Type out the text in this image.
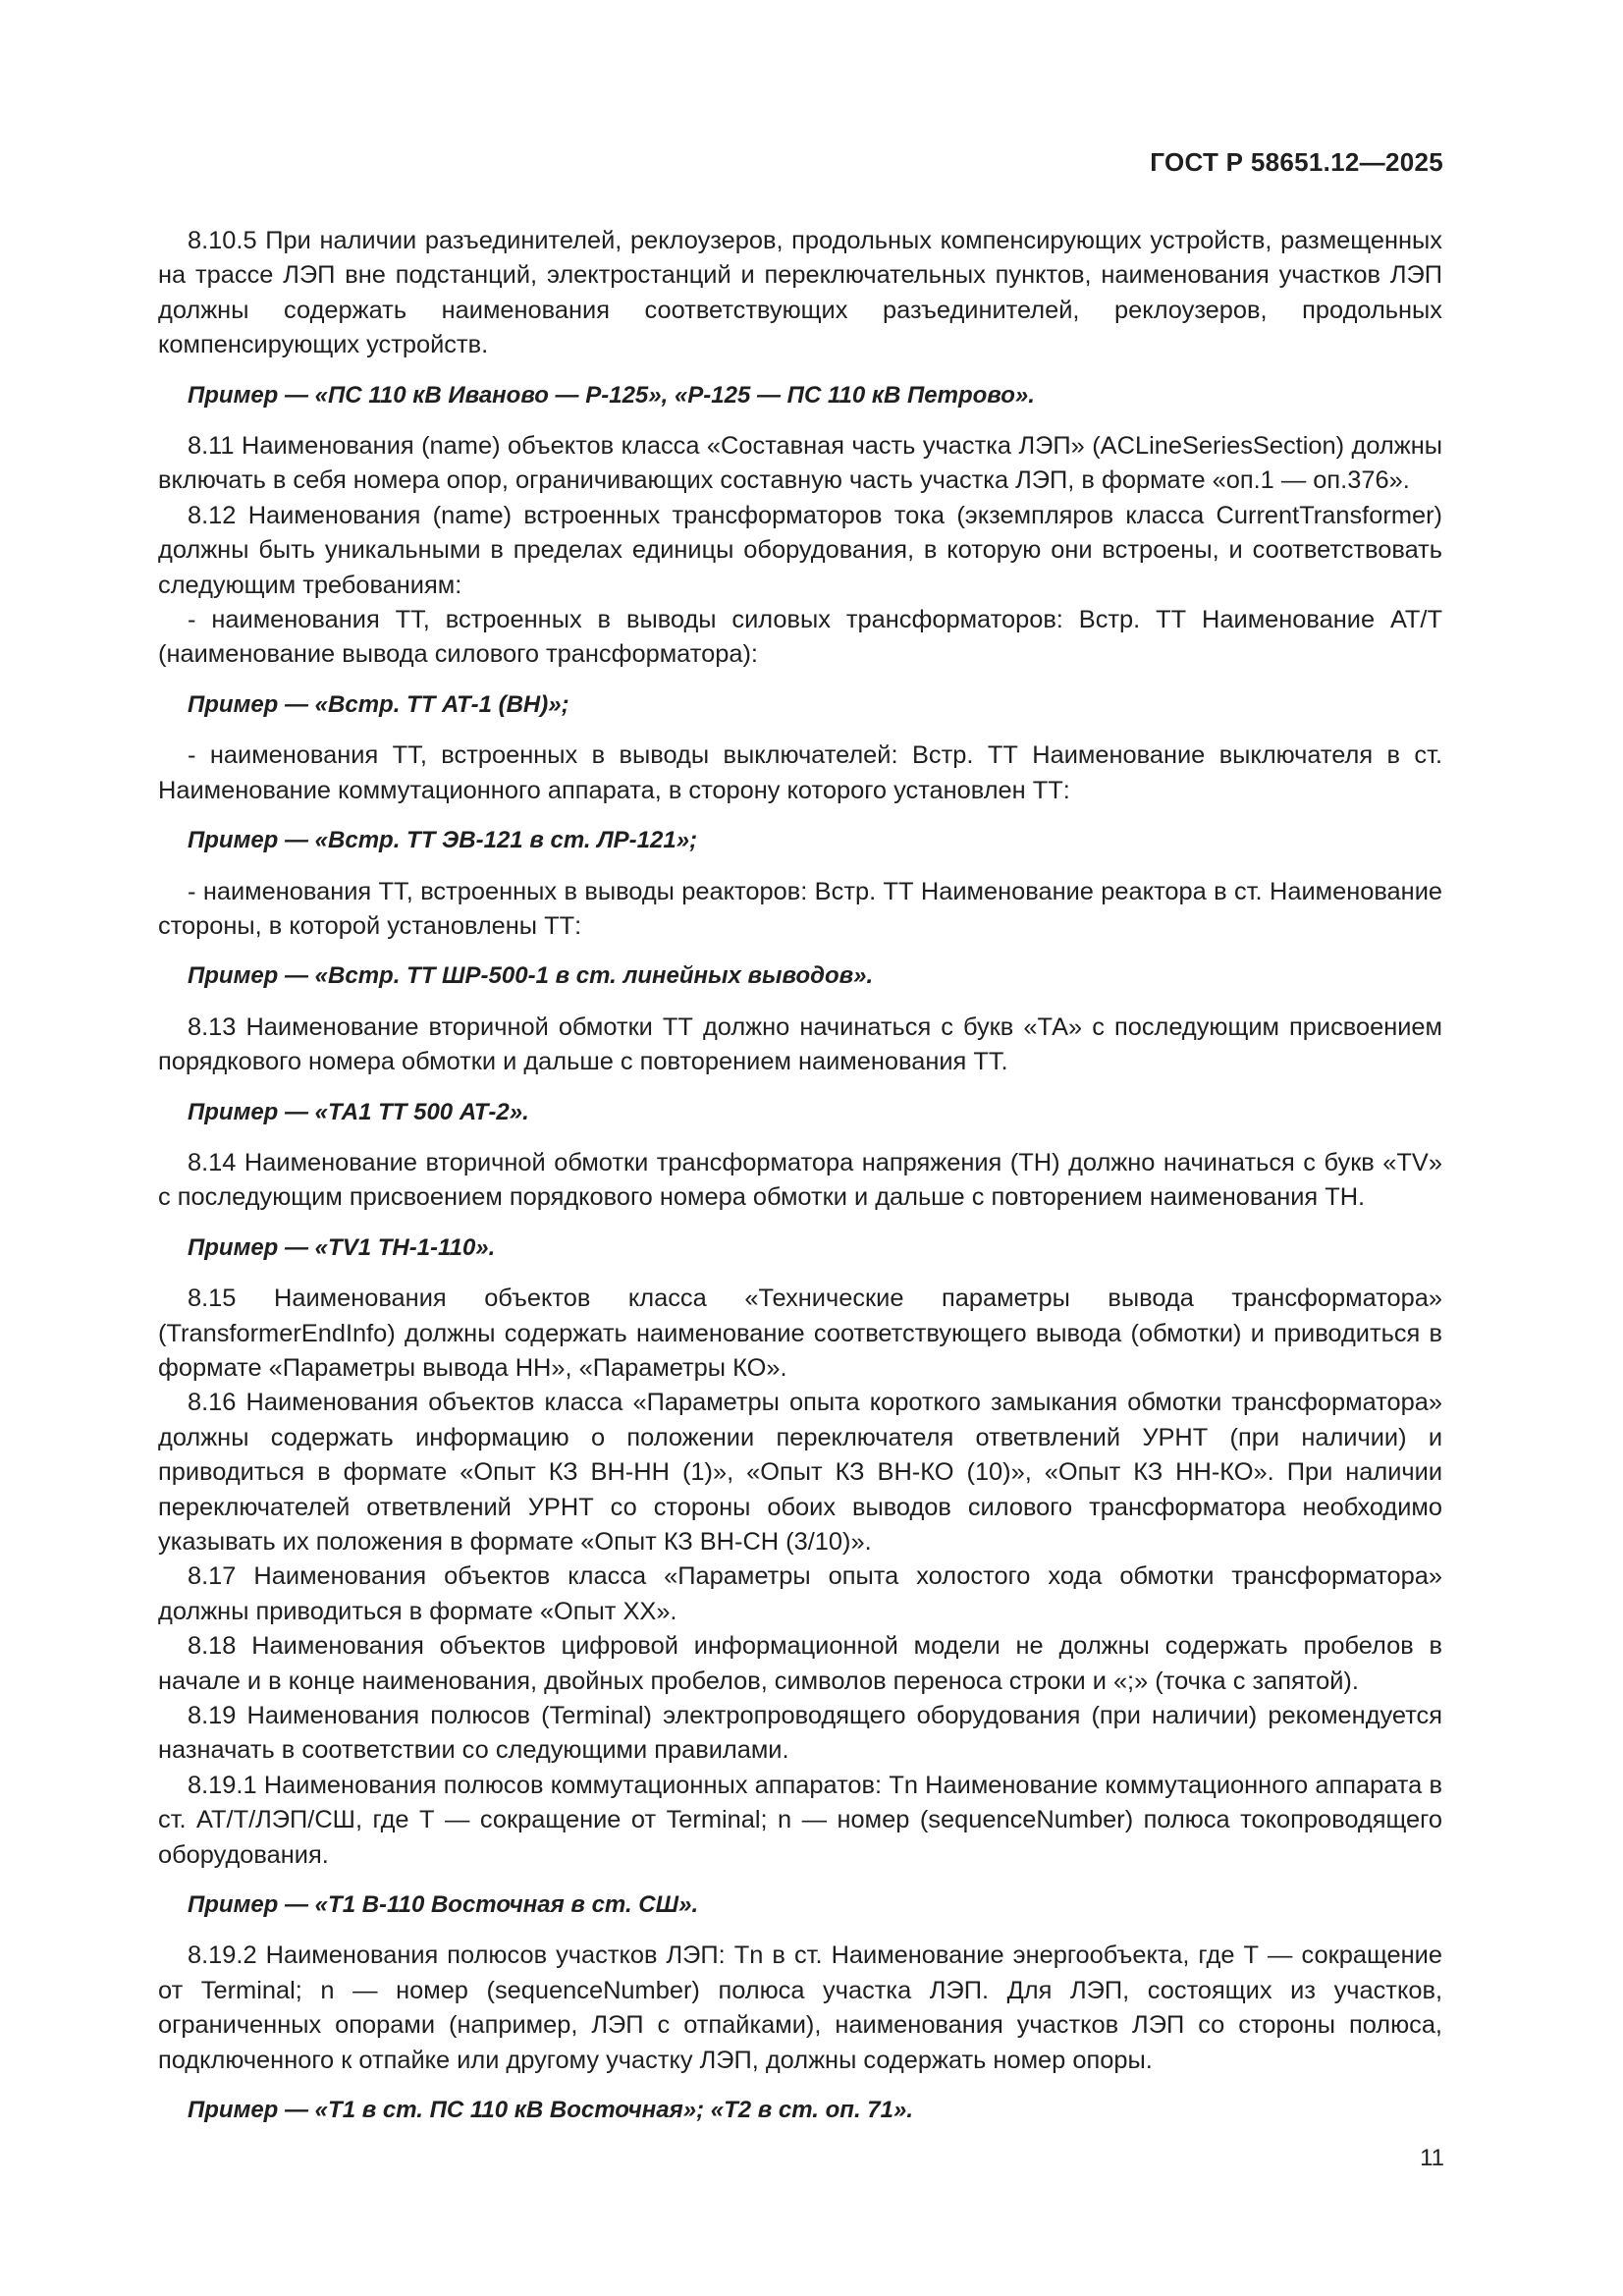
ГОСТ Р 58651.12—2025

8.10.5 При наличии разъединителей, реклоузеров, продольных компенсирующих устройств, размещенных на трассе ЛЭП вне подстанций, электростанций и переключательных пунктов, наименования участков ЛЭП должны содержать наименования соответствующих разъединителей, реклоузеров, продольных компенсирующих устройств.

Пример — «ПС 110 кВ Иваново — Р-125», «Р-125 — ПС 110 кВ Петрово».

8.11 Наименования (name) объектов класса «Составная часть участка ЛЭП» (ACLineSeriesSection) должны включать в себя номера опор, ограничивающих составную часть участка ЛЭП, в формате «оп.1 — оп.376».

8.12 Наименования (name) встроенных трансформаторов тока (экземпляров класса CurrentTransformer) должны быть уникальными в пределах единицы оборудования, в которую они встроены, и соответствовать следующим требованиям:

- наименования ТТ, встроенных в выводы силовых трансформаторов: Встр. ТТ Наименование АТ/Т (наименование вывода силового трансформатора):

Пример — «Встр. ТТ АТ-1 (ВН)»;

- наименования ТТ, встроенных в выводы выключателей: Встр. ТТ Наименование выключателя в ст. Наименование коммутационного аппарата, в сторону которого установлен ТТ:

Пример — «Встр. ТТ ЭВ-121 в ст. ЛР-121»;

- наименования ТТ, встроенных в выводы реакторов: Встр. ТТ Наименование реактора в ст. Наименование стороны, в которой установлены ТТ:

Пример — «Встр. ТТ ШР-500-1 в ст. линейных выводов».

8.13 Наименование вторичной обмотки ТТ должно начинаться с букв «ТА» с последующим присвоением порядкового номера обмотки и дальше с повторением наименования ТТ.

Пример — «ТА1 ТТ 500 АТ-2».

8.14 Наименование вторичной обмотки трансформатора напряжения (ТН) должно начинаться с букв «TV» с последующим присвоением порядкового номера обмотки и дальше с повторением наименования ТН.

Пример — «TV1 ТН-1-110».

8.15 Наименования объектов класса «Технические параметры вывода трансформатора» (TransformerEndInfo) должны содержать наименование соответствующего вывода (обмотки) и приводиться в формате «Параметры вывода НН», «Параметры КО».

8.16 Наименования объектов класса «Параметры опыта короткого замыкания обмотки трансформатора» должны содержать информацию о положении переключателя ответвлений УРНТ (при наличии) и приводиться в формате «Опыт КЗ ВН-НН (1)», «Опыт КЗ ВН-КО (10)», «Опыт КЗ НН-КО». При наличии переключателей ответвлений УРНТ со стороны обоих выводов силового трансформатора необходимо указывать их положения в формате «Опыт КЗ ВН-СН (3/10)».

8.17 Наименования объектов класса «Параметры опыта холостого хода обмотки трансформатора» должны приводиться в формате «Опыт ХХ».

8.18 Наименования объектов цифровой информационной модели не должны содержать пробелов в начале и в конце наименования, двойных пробелов, символов переноса строки и «;» (точка с запятой).

8.19 Наименования полюсов (Terminal) электропроводящего оборудования (при наличии) рекомендуется назначать в соответствии со следующими правилами.

8.19.1 Наименования полюсов коммутационных аппаратов: Tn Наименование коммутационного аппарата в ст. АТ/Т/ЛЭП/СШ, где Т — сокращение от Terminal; n — номер (sequenceNumber) полюса токопроводящего оборудования.

Пример — «Т1 В-110 Восточная в ст. СШ».

8.19.2 Наименования полюсов участков ЛЭП: Tn в ст. Наименование энергообъекта, где Т — сокращение от Terminal; n — номер (sequenceNumber) полюса участка ЛЭП. Для ЛЭП, состоящих из участков, ограниченных опорами (например, ЛЭП с отпайками), наименования участков ЛЭП со стороны полюса, подключенного к отпайке или другому участку ЛЭП, должны содержать номер опоры.

Пример — «Т1 в ст. ПС 110 кВ Восточная»; «Т2 в ст. оп. 71».

11
